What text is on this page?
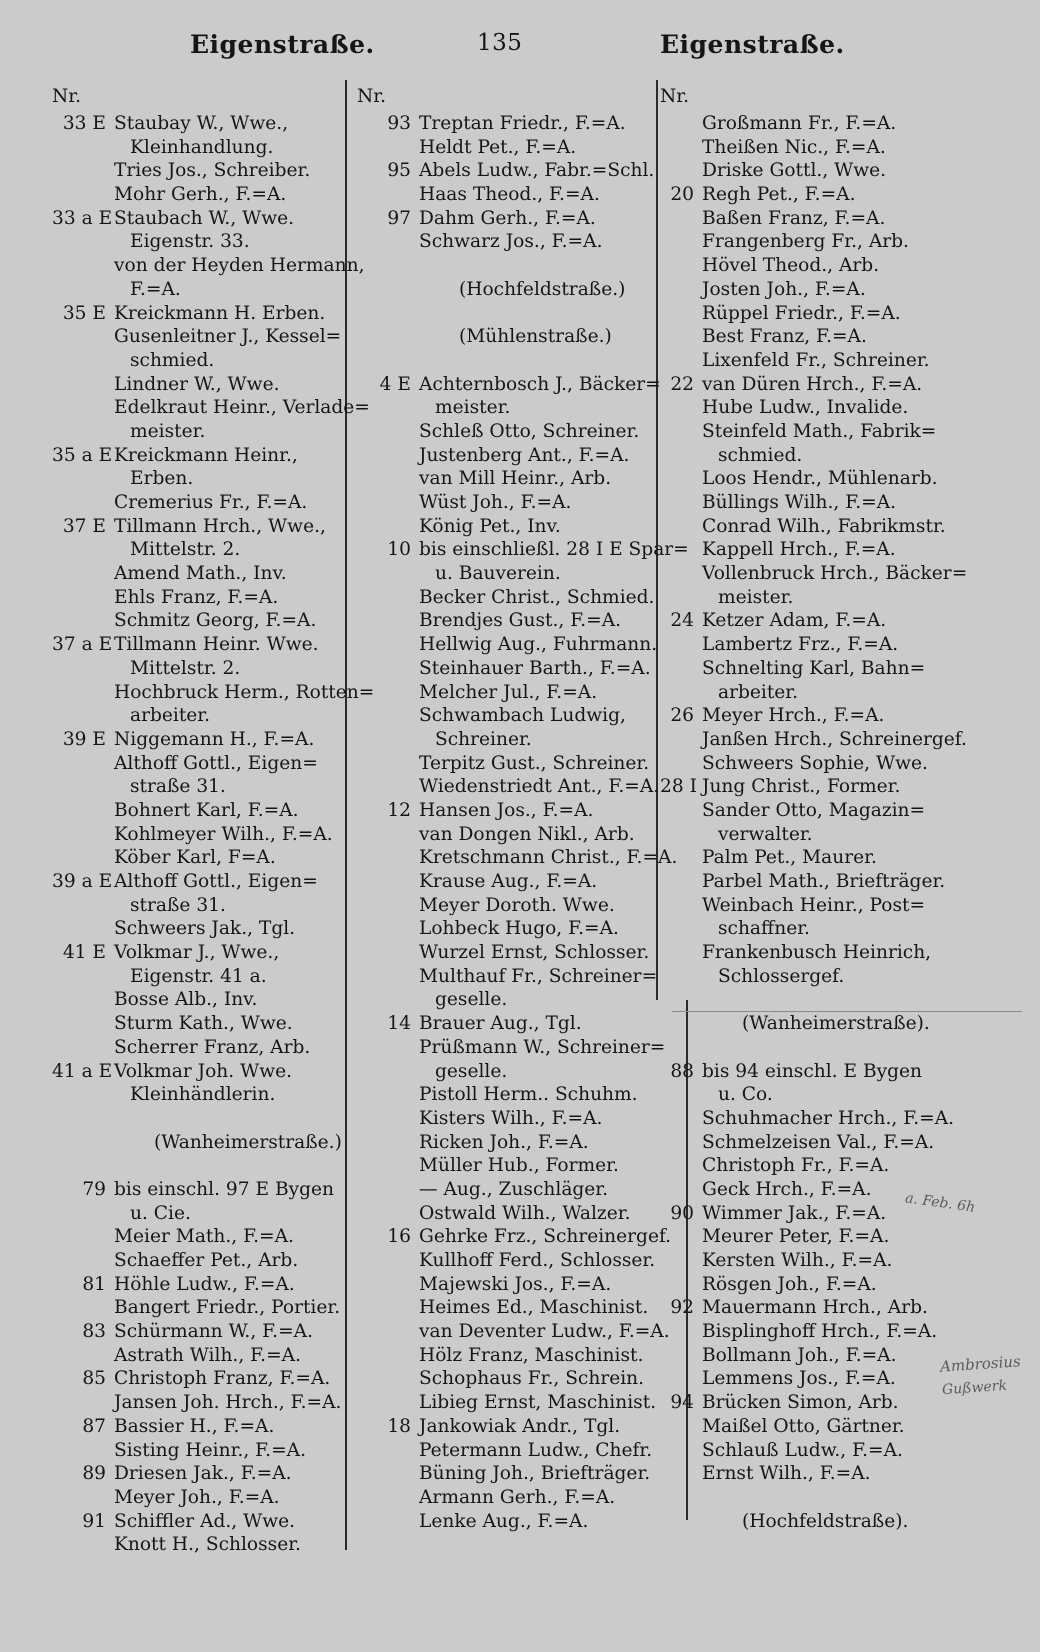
Eigenstraße.	135	Eigenstraße.
Nr.
33 E Staubay W., Wwe.,
Kleinhandlung.
Tries Jos., Schreiber.
Mohr Gerh., F.=A.
33 a E Staubach W., Wwe.
Eigenstr. 33.
von der Heyden Hermann,
F.=A.
35 E Kreickmann H. Erben.
Gusenleitner J., Kessel=
schmied.
Lindner W., Wwe.
Edelkraut Heinr., Verlade=
meister.
35 a E Kreickmann Heinr.,
Erben.
Cremerius Fr., F.=A.
37 E Tillmann Hrch., Wwe.,
Mittelstr. 2.
Amend Math., Inv.
Ehls Franz, F.=A.
Schmitz Georg, F.=A.
37 a E Tillmann Heinr. Wwe.
Mittelstr. 2.
Hochbruck Herm., Rotten=
arbeiter.
39 E Niggemann H., F.=A.
Althoff Gottl., Eigen=
straße 31.
Bohnert Karl, F.=A.
Kohlmeyer Wilh., F.=A.
Köber Karl, F=A.
39 a E Althoff Gottl., Eigen=
straße 31.
Schweers Jak., Tgl.
41 E Volkmar J., Wwe.,
Eigenstr. 41 a.
Bosse Alb., Inv.
Sturm Kath., Wwe.
Scherrer Franz, Arb.
41 a E Volkmar Joh. Wwe.
Kleinhändlerin.
(Wanheimerstraße.)
79 bis einschl. 97 E Bygen
u. Cie.
Meier Math., F.=A.
Schaeffer Pet., Arb.
81 Höhle Ludw., F.=A.
Bangert Friedr., Portier.
83 Schürmann W., F.=A.
Astrath Wilh., F.=A.
85 Christoph Franz, F.=A.
Jansen Joh. Hrch., F.=A.
87 Bassier H., F.=A.
Sisting Heinr., F.=A.
89 Driesen Jak., F.=A.
Meyer Joh., F.=A.
91 Schiffler Ad., Wwe.
Knott H., Schlosser.
Nr.
93 Treptan Friedr., F.=A.
Heldt Pet., F.=A.
95 Abels Ludw., Fabr.=Schl.
Haas Theod., F.=A.
97 Dahm Gerh., F.=A.
Schwarz Jos., F.=A.
(Hochfeldstraße.)
(Mühlenstraße.)
4 E Achternbosch J., Bäcker=
meister.
Schleß Otto, Schreiner.
Justenberg Ant., F.=A.
van Mill Heinr., Arb.
Wüst Joh., F.=A.
König Pet., Inv.
10 bis einschließl. 28 I E Spar=
u. Bauverein.
Becker Christ., Schmied.
Brendjes Gust., F.=A.
Hellwig Aug., Fuhrmann.
Steinhauer Barth., F.=A.
Melcher Jul., F.=A.
Schwambach Ludwig,
Schreiner.
Terpitz Gust., Schreiner.
Wiedenstriedt Ant., F.=A.
12 Hansen Jos., F.=A.
van Dongen Nikl., Arb.
Kretschmann Christ., F.=A.
Krause Aug., F.=A.
Meyer Doroth. Wwe.
Lohbeck Hugo, F.=A.
Wurzel Ernst, Schlosser.
Multhauf Fr., Schreiner=
geselle.
14 Brauer Aug., Tgl.
Prüßmann W., Schreiner=
geselle.
Pistoll Herm.. Schuhm.
Kisters Wilh., F.=A.
Ricken Joh., F.=A.
Müller Hub., Former.
— Aug., Zuschläger.
Ostwald Wilh., Walzer.
16 Gehrke Frz., Schreinergef.
Kullhoff Ferd., Schlosser.
Majewski Jos., F.=A.
Heimes Ed., Maschinist.
van Deventer Ludw., F.=A.
Hölz Franz, Maschinist.
Schophaus Fr., Schrein.
Libieg Ernst, Maschinist.
18 Jankowiak Andr., Tgl.
Petermann Ludw., Chefr.
Büning Joh., Briefträger.
Armann Gerh., F.=A.
Lenke Aug., F.=A.
Nr.
Großmann Fr., F.=A.
Theißen Nic., F.=A.
Driske Gottl., Wwe.
20 Regh Pet., F.=A.
Baßen Franz, F.=A.
Frangenberg Fr., Arb.
Hövel Theod., Arb.
Josten Joh., F.=A.
Rüppel Friedr., F.=A.
Best Franz, F.=A.
Lixenfeld Fr., Schreiner.
22 van Düren Hrch., F.=A.
Hube Ludw., Invalide.
Steinfeld Math., Fabrik=
schmied.
Loos Hendr., Mühlenarb.
Büllings Wilh., F.=A.
Conrad Wilh., Fabrikmstr.
Kappell Hrch., F.=A.
Vollenbruck Hrch., Bäcker=
meister.
24 Ketzer Adam, F.=A.
Lambertz Frz., F.=A.
Schnelting Karl, Bahn=
arbeiter.
26 Meyer Hrch., F.=A.
Janßen Hrch., Schreinergef.
Schweers Sophie, Wwe.
28 I Jung Christ., Former.
Sander Otto, Magazin=
verwalter.
Palm Pet., Maurer.
Parbel Math., Briefträger.
Weinbach Heinr., Post=
schaffner.
Frankenbusch Heinrich,
Schlossergef.
(Wanheimerstraße).
88 bis 94 einschl. E Bygen
u. Co.
Schuhmacher Hrch., F.=A.
Schmelzeisen Val., F.=A.
Christoph Fr., F.=A.
Geck Hrch., F.=A.
90 Wimmer Jak., F.=A.
Meurer Peter, F.=A.
Kersten Wilh., F.=A.
Rösgen Joh., F.=A.
92 Mauermann Hrch., Arb.
Bisplinghoff Hrch., F.=A.
Bollmann Joh., F.=A.
Lemmens Jos., F.=A.
94 Brücken Simon, Arb.
Maißel Otto, Gärtner.
Schlauß Ludw., F.=A.
Ernst Wilh., F.=A.
(Hochfeldstraße).
a. Feb. 6h
Ambrosius
Gußwerk
